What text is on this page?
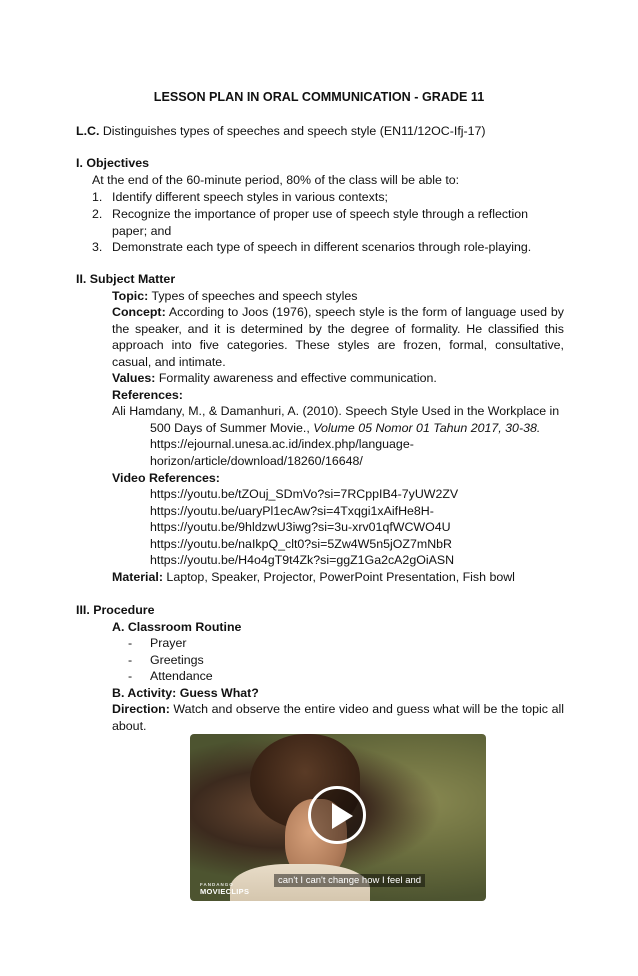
LESSON PLAN IN ORAL COMMUNICATION - GRADE 11
L.C. Distinguishes types of speeches and speech style (EN11/12OC-Ifj-17)
I. Objectives
At the end of the 60-minute period, 80% of the class will be able to:
1. Identify different speech styles in various contexts;
2. Recognize the importance of proper use of speech style through a reflection paper; and
3. Demonstrate each type of speech in different scenarios through role-playing.
II. Subject Matter
Topic: Types of speeches and speech styles
Concept: According to Joos (1976), speech style is the form of language used by the speaker, and it is determined by the degree of formality. He classified this approach into five categories. These styles are frozen, formal, consultative, casual, and intimate.
Values: Formality awareness and effective communication.
References:
Ali Hamdany, M., & Damanhuri, A. (2010). Speech Style Used in the Workplace in
500 Days of Summer Movie., Volume 05 Nomor 01 Tahun 2017, 30-38.
https://ejournal.unesa.ac.id/index.php/language-
horizon/article/download/18260/16648/
Video References:
https://youtu.be/tZOuj_SDmVo?si=7RCppIB4-7yUW2ZV
https://youtu.be/uaryPl1ecAw?si=4Txqgi1xAifHe8H-
https://youtu.be/9hldzwU3iwg?si=3u-xrv01qfWCWO4U
https://youtu.be/naIkpQ_clt0?si=5Zw4W5n5jOZ7mNbR
https://youtu.be/H4o4gT9t4Zk?si=ggZ1Ga2cA2gOiASN
Material: Laptop, Speaker, Projector, PowerPoint Presentation, Fish bowl
III. Procedure
A. Classroom Routine
- Prayer
- Greetings
- Attendance
B. Activity: Guess What?
Direction: Watch and observe the entire video and guess what will be the topic all about.
can't I can't change how I feel and
FANDANGO
MOVIECLIPS
